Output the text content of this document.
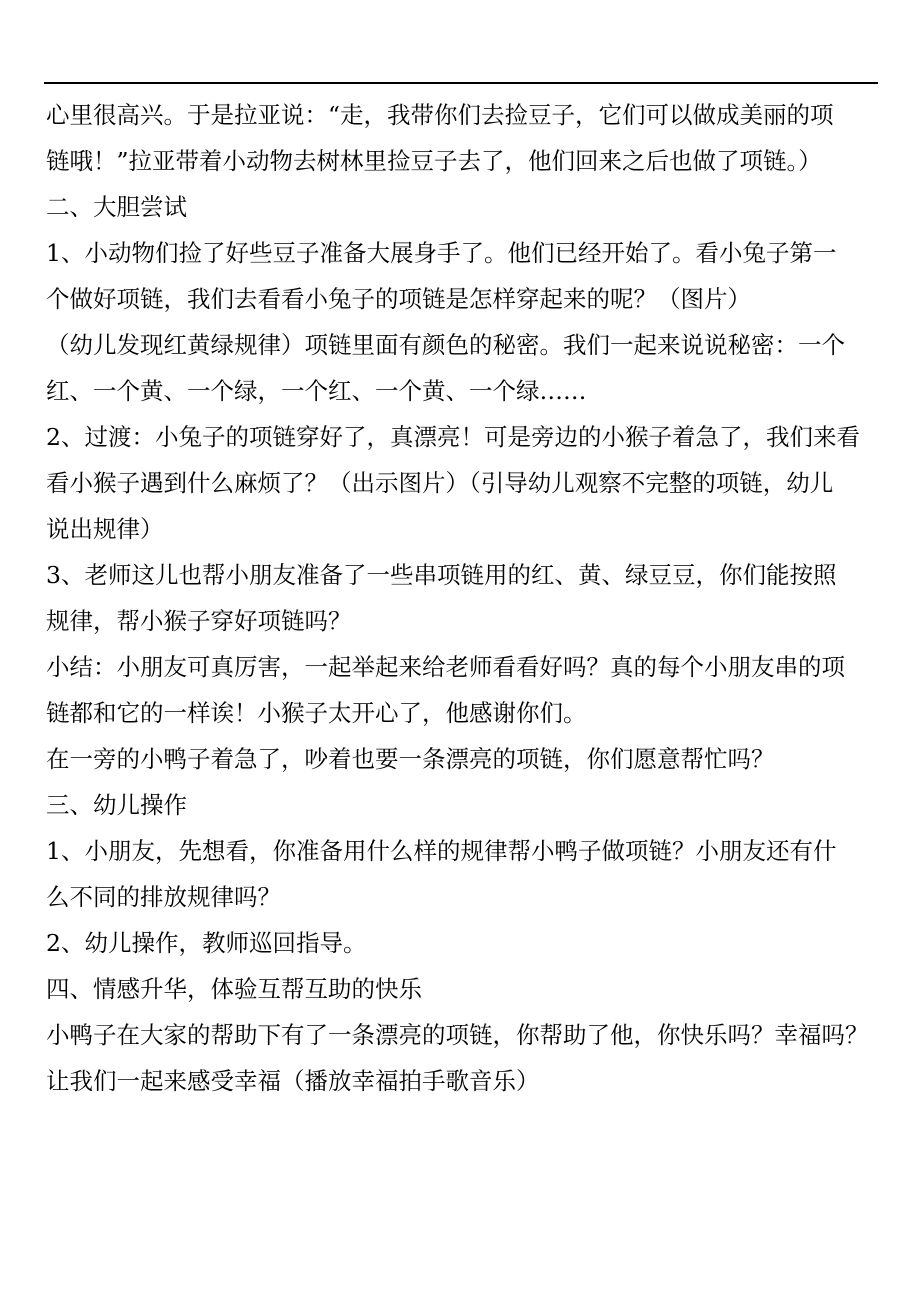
心里很高兴。于是拉亚说：“走，我带你们去捡豆子，它们可以做成美丽的项
链哦！”拉亚带着小动物去树林里捡豆子去了，他们回来之后也做了项链。）
二、大胆尝试
1、小动物们捡了好些豆子准备大展身手了。他们已经开始了。看小兔子第一
个做好项链，我们去看看小兔子的项链是怎样穿起来的呢？（图片）
（幼儿发现红黄绿规律）项链里面有颜色的秘密。我们一起来说说秘密：一个
红、一个黄、一个绿，一个红、一个黄、一个绿……
2、过渡：小兔子的项链穿好了，真漂亮！可是旁边的小猴子着急了，我们来看
看小猴子遇到什么麻烦了？（出示图片）（引导幼儿观察不完整的项链，幼儿
说出规律）
3、老师这儿也帮小朋友准备了一些串项链用的红、黄、绿豆豆，你们能按照
规律，帮小猴子穿好项链吗？
小结：小朋友可真厉害，一起举起来给老师看看好吗？真的每个小朋友串的项
链都和它的一样诶！小猴子太开心了，他感谢你们。
在一旁的小鸭子着急了，吵着也要一条漂亮的项链，你们愿意帮忙吗？
三、幼儿操作
1、小朋友，先想看，你准备用什么样的规律帮小鸭子做项链？小朋友还有什
么不同的排放规律吗？
2、幼儿操作，教师巡回指导。
四、情感升华，体验互帮互助的快乐
小鸭子在大家的帮助下有了一条漂亮的项链，你帮助了他，你快乐吗？幸福吗？
让我们一起来感受幸福（播放幸福拍手歌音乐）
